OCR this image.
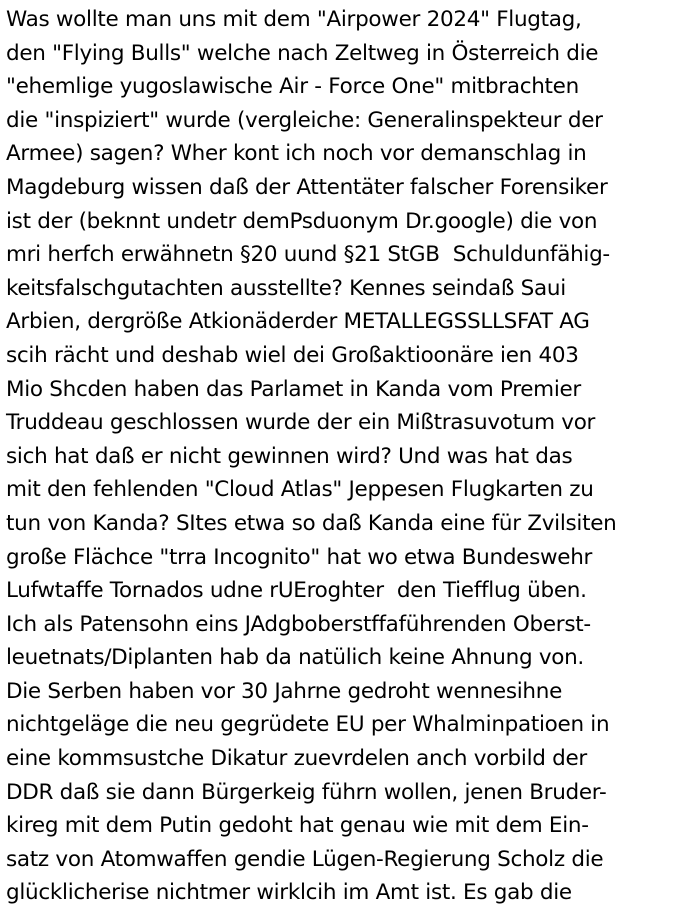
Was wollte man uns mit dem "Airpower 2024" Flugtag,
den "Flying Bulls" welche nach Zeltweg in Österreich die
"ehemlige yugoslawische Air - Force One" mitbrachten
die "inspiziert" wurde (vergleiche: Generalinspekteur der
Armee) sagen? Wher kont ich noch vor demanschlag in
Magdeburg wissen daß der Attentäter falscher Forensiker
ist der (beknnt undetr demPsduonym Dr.google) die von
mri herfch erwähnetn §20 uund §21 StGB  Schuldunfähig-
keitsfalschgutachten ausstellte? Kennes seindaß Saui
Arbien, dergröße Atkionäderder METALLEGSSLLSFAT AG
scih rächt und deshab wiel dei Großaktioonäre ien 403
Mio Shcden haben das Parlamet in Kanda vom Premier
Truddeau geschlossen wurde der ein Mißtrasuvotum vor
sich hat daß er nicht gewinnen wird? Und was hat das
mit den fehlenden "Cloud Atlas" Jeppesen Flugkarten zu
tun von Kanda? SItes etwa so daß Kanda eine für Zvilsiten
große Flächce "trra Incognito" hat wo etwa Bundeswehr
Lufwtaffe Tornados udne rUEroghter  den Tiefflug üben.
Ich als Patensohn eins JAdgboberstffaführenden Oberst-
leuetnats/Diplanten hab da natülich keine Ahnung von.
Die Serben haben vor 30 Jahrne gedroht wennesihne
nichtgeläge die neu gegrüdete EU per Whalminpatioen in
eine kommsustche Dikatur zuevrdelen anch vorbild der
DDR daß sie dann Bürgerkeig führn wollen, jenen Bruder-
kireg mit dem Putin gedoht hat genau wie mit dem Ein-
satz von Atomwaffen gendie Lügen-Regierung Scholz die
glücklicherise nichtmer wirklcih im Amt ist. Es gab die
